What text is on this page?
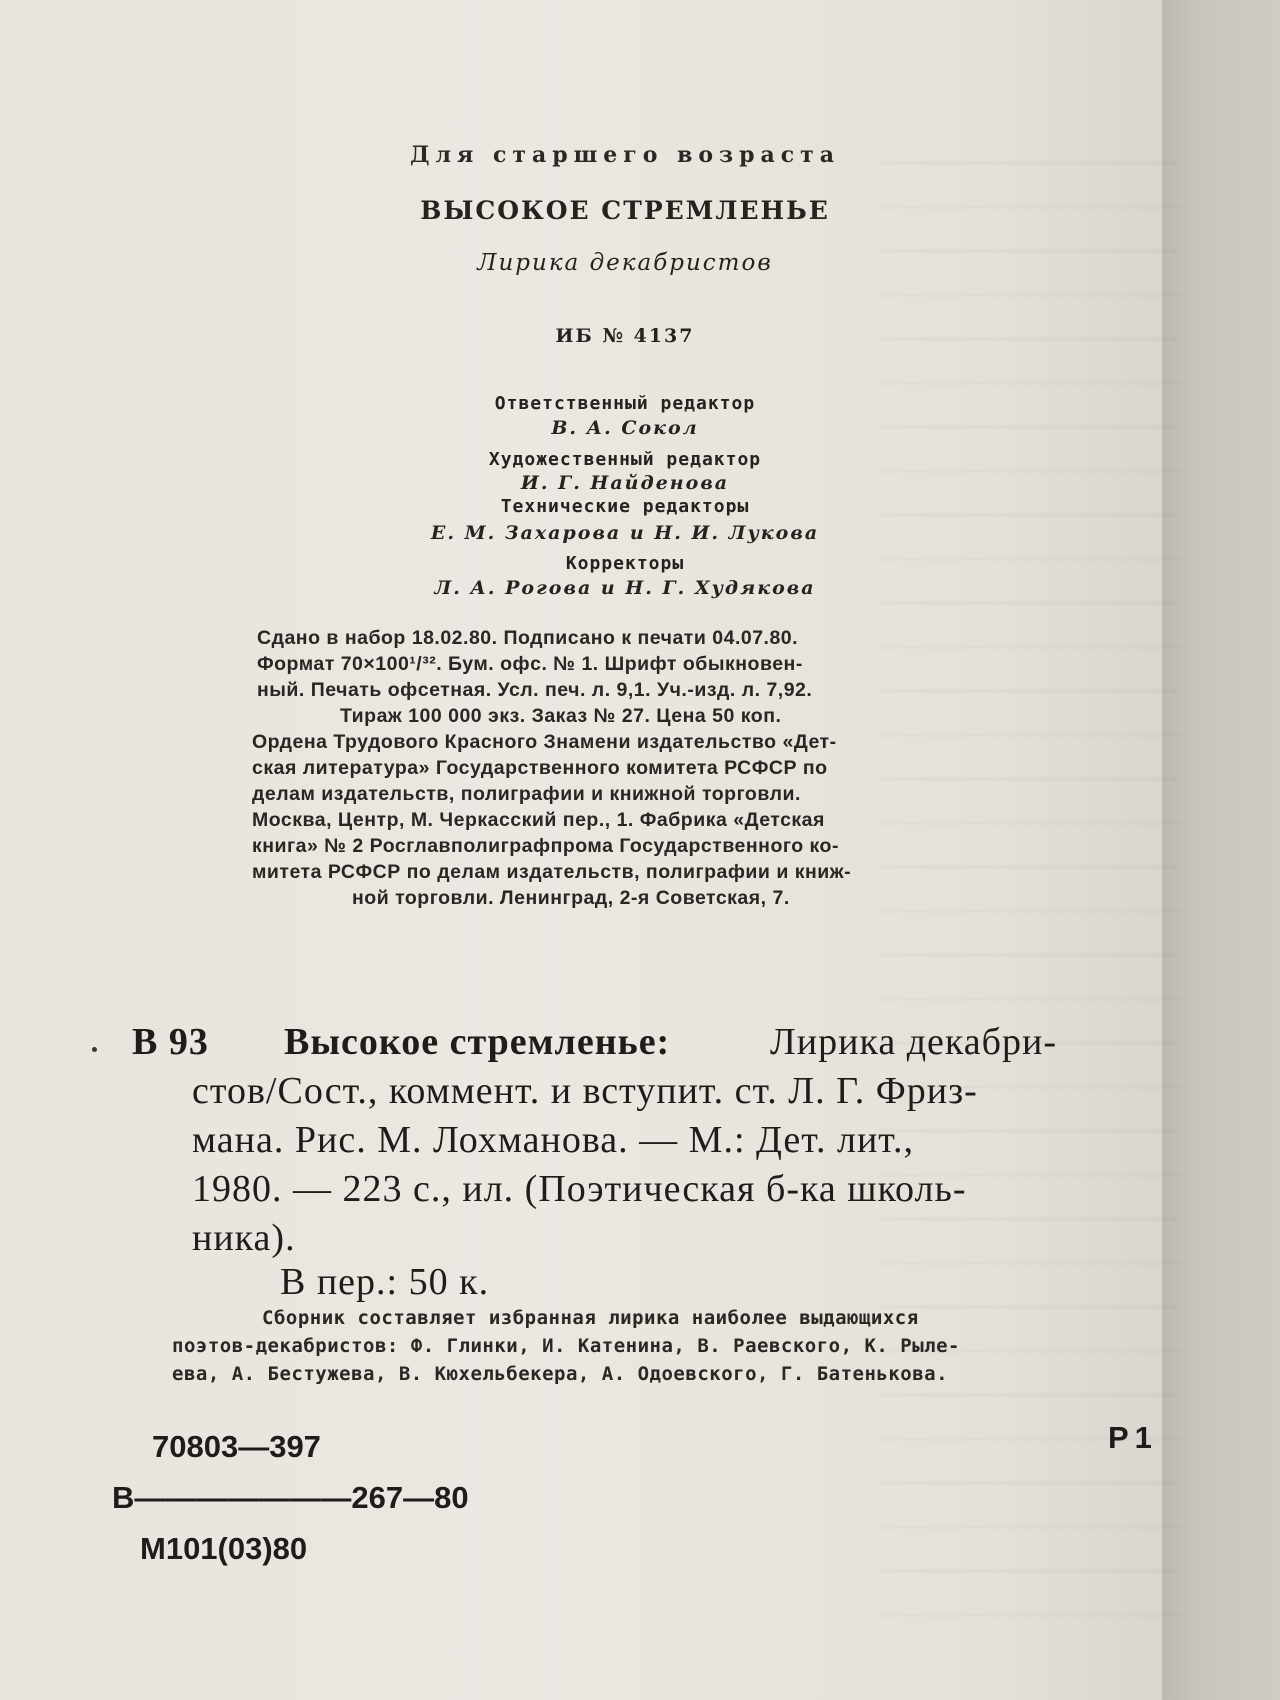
Для старшего возраста
ВЫСОКОЕ СТРЕМЛЕНЬЕ
Лирика декабристов
ИБ № 4137
Ответственный редактор
В. А. Сокол
Художественный редактор
И. Г. Найденова
Технические редакторы
Е. М. Захарова и Н. И. Лукова
Корректоры
Л. А. Рогова и Н. Г. Худякова
Сдано в набор 18.02.80. Подписано к печати 04.07.80.
Формат 70×100¹/³². Бум. офс. № 1. Шрифт обыкновен-
ный. Печать офсетная. Усл. печ. л. 9,1. Уч.-изд. л. 7,92.
Тираж 100 000 экз. Заказ № 27. Цена 50 коп.
Ордена Трудового Красного Знамени издательство «Дет-
ская литература» Государственного комитета РСФСР по
делам издательств, полиграфии и книжной торговли.
Москва, Центр, М. Черкасский пер., 1. Фабрика «Детская
книга» № 2 Росглавполиграфпрома Государственного ко-
митета РСФСР по делам издательств, полиграфии и книж-
ной торговли. Ленинград, 2-я Советская, 7.
В 93 Высокое стремленье:	Лирика декабри-
стов/Сост., коммент. и вступит. ст. Л. Г. Фриз-
мана. Рис. М. Лохманова. — М.: Дет. лит.,
1980. — 223 с., ил. (Поэтическая б-ка школь-
ника).
В пер.: 50 к.
Сборник составляет избранная лирика наиболее выдающихся
поэтов-декабристов: Ф. Глинки, И. Катенина, В. Раевского, К. Рыле-
ева, А. Бестужева, В. Кюхельбекера, А. Одоевского, Г. Батенькова.
70803—397
В———————267—80
М101(03)80
Р1
